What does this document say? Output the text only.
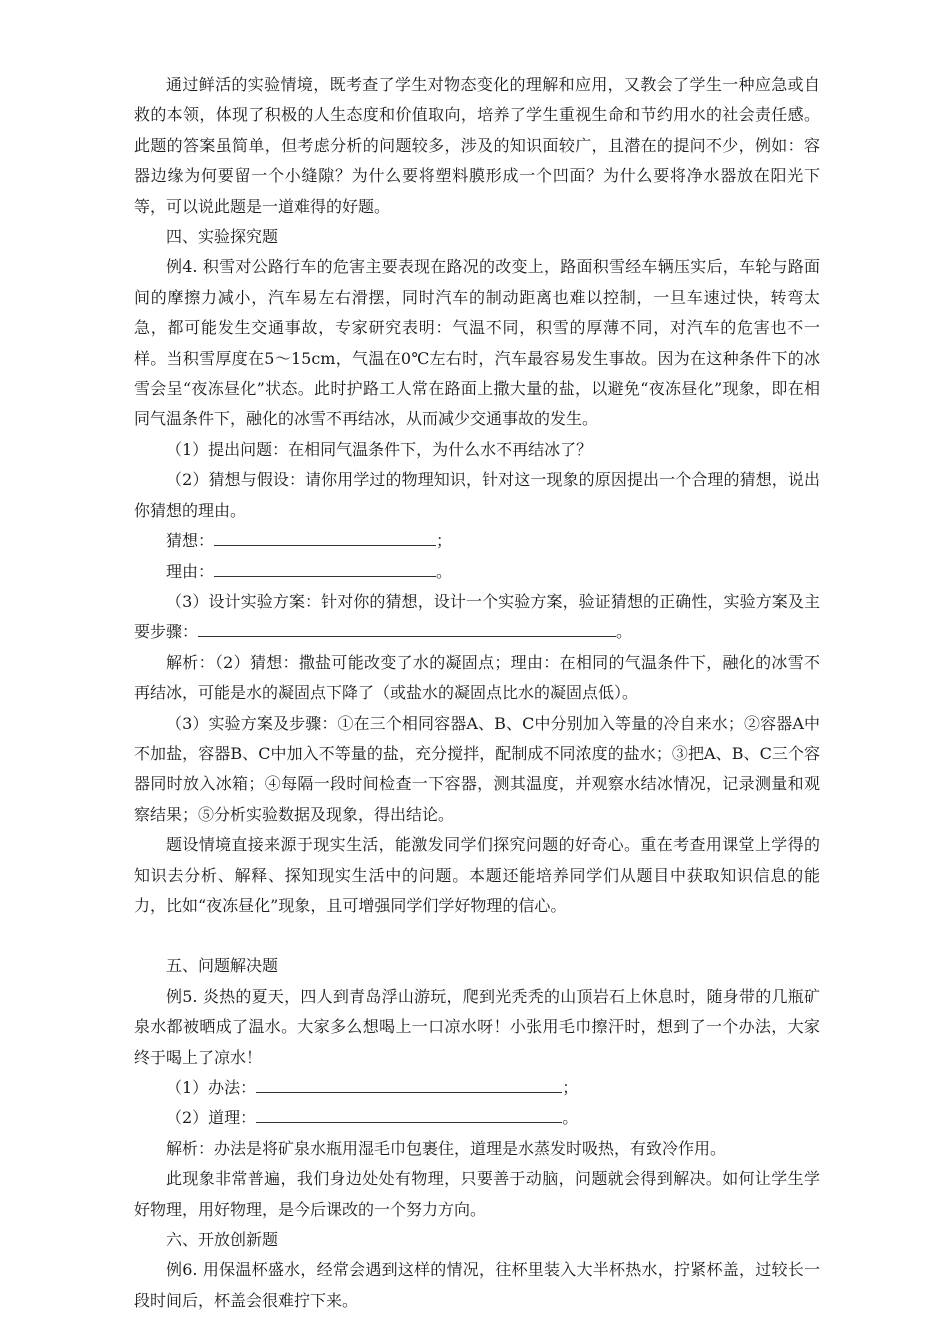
通过鲜活的实验情境，既考查了学生对物态变化的理解和应用，又教会了学生一种应急或自救的本领，体现了积极的人生态度和价值取向，培养了学生重视生命和节约用水的社会责任感。此题的答案虽简单，但考虑分析的问题较多，涉及的知识面较广，且潜在的提问不少，例如：容器边缘为何要留一个小缝隙？为什么要将塑料膜形成一个凹面？为什么要将净水器放在阳光下等，可以说此题是一道难得的好题。

四、实验探究题

例4. 积雪对公路行车的危害主要表现在路况的改变上，路面积雪经车辆压实后，车轮与路面间的摩擦力减小，汽车易左右滑摆，同时汽车的制动距离也难以控制，一旦车速过快，转弯太急，都可能发生交通事故，专家研究表明：气温不同，积雪的厚薄不同，对汽车的危害也不一样。当积雪厚度在5～15cm，气温在0℃左右时，汽车最容易发生事故。因为在这种条件下的冰雪会呈“夜冻昼化”状态。此时护路工人常在路面上撒大量的盐，以避免“夜冻昼化”现象，即在相同气温条件下，融化的冰雪不再结冰，从而减少交通事故的发生。

（1）提出问题：在相同气温条件下，为什么水不再结冰了？

（2）猜想与假设：请你用学过的物理知识，针对这一现象的原因提出一个合理的猜想，说出你猜想的理由。

猜想：	；

理由：	。

（3）设计实验方案：针对你的猜想，设计一个实验方案，验证猜想的正确性，实验方案及主要步骤：	。

解析：（2）猜想：撒盐可能改变了水的凝固点；理由：在相同的气温条件下，融化的冰雪不再结冰，可能是水的凝固点下降了（或盐水的凝固点比水的凝固点低）。

（3）实验方案及步骤：①在三个相同容器A、B、C中分别加入等量的冷自来水；②容器A中不加盐，容器B、C中加入不等量的盐，充分搅拌，配制成不同浓度的盐水；③把A、B、C三个容器同时放入冰箱；④每隔一段时间检查一下容器，测其温度，并观察水结冰情况，记录测量和观察结果；⑤分析实验数据及现象，得出结论。

题设情境直接来源于现实生活，能激发同学们探究问题的好奇心。重在考查用课堂上学得的知识去分析、解释、探知现实生活中的问题。本题还能培养同学们从题目中获取知识信息的能力，比如“夜冻昼化”现象，且可增强同学们学好物理的信心。

五、问题解决题

例5. 炎热的夏天，四人到青岛浮山游玩，爬到光秃秃的山顶岩石上休息时，随身带的几瓶矿泉水都被晒成了温水。大家多么想喝上一口凉水呀！小张用毛巾擦汗时，想到了一个办法，大家终于喝上了凉水！

（1）办法：	；

（2）道理：	。

解析：办法是将矿泉水瓶用湿毛巾包裹住，道理是水蒸发时吸热，有致冷作用。

此现象非常普遍，我们身边处处有物理，只要善于动脑，问题就会得到解决。如何让学生学好物理，用好物理，是今后课改的一个努力方向。

六、开放创新题

例6. 用保温杯盛水，经常会遇到这样的情况，往杯里装入大半杯热水，拧紧杯盖，过较长一段时间后，杯盖会很难拧下来。
